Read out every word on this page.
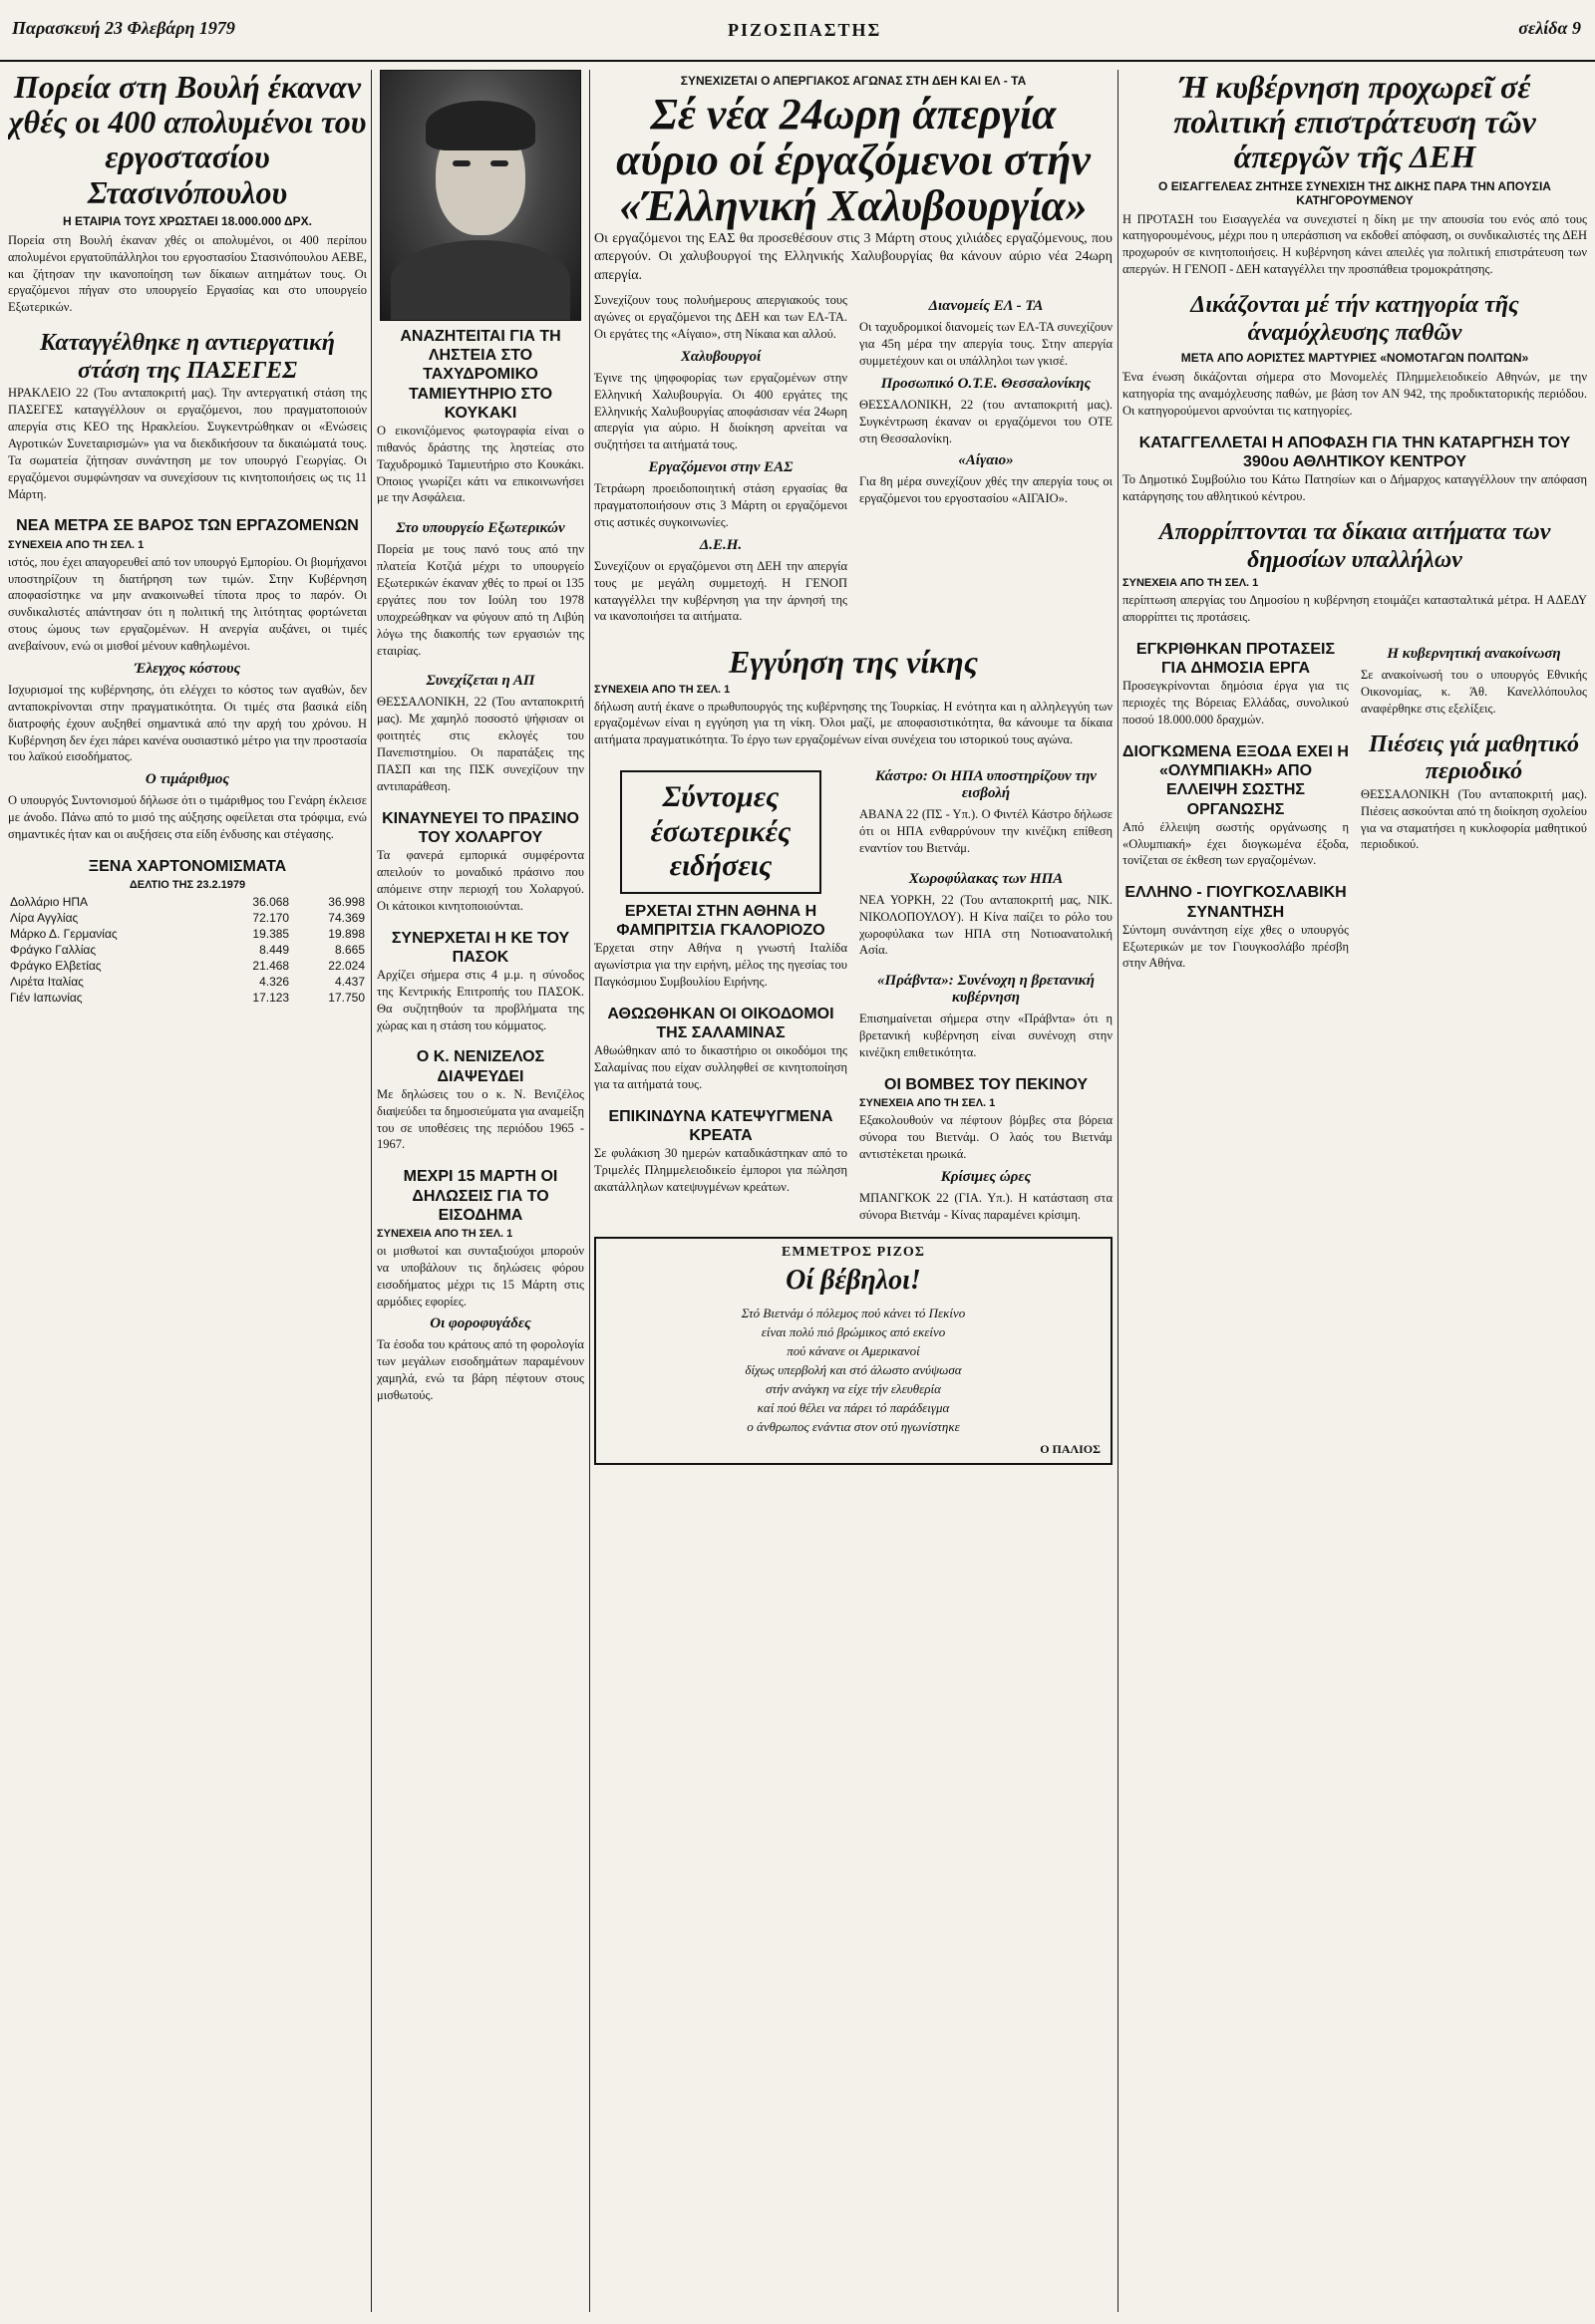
Παρασκευή 23 Φλεβάρη 1979	ΡΙΖΟΣΠΑΣΤΗΣ	σελίδα 9
Πορεία στη Βουλή έκαναν χθές οι 400 απολυμένοι του εργοστασίου Στασινόπουλου
Η ΕΤΑΙΡΙΑ ΤΟΥΣ ΧΡΩΣΤΑΕΙ 18.000.000 ΔΡΧ.

Πορεία στη Βουλή έκαναν χθές οι απολυμένοι, οι 400 περίπου απολυμένοι εργατοϋπάλληλοι του εργοστασίου Στασινόπουλου ΑΕΒΕ, και ζήτησαν την ικανοποίηση των δίκαιων αιτημάτων τους. Οι εργαζόμενοι πήγαν στο υπουργείο Εργασίας και στο υπουργείο Εξωτερικών.

Καταγγέλθηκε η αντιεργατική στάση της ΠΑΣΕΓΕΣ

ΗΡΑΚΛΕΙΟ 22 (Του ανταποκριτή μας). Την αντεργατική στάση της ΠΑΣΕΓΕΣ καταγγέλλουν οι εργαζόμενοι, που πραγματοποιούν απεργία στις ΚΕΟ της Ηρακλείου. Συγκεντρώθηκαν οι «Ενώσεις Αγροτικών Συνεταιρισμών» για να διεκδικήσουν τα δικαιώματά τους. Τα σωματεία ζήτησαν συνάντηση με τον υπουργό Γεωργίας. Οι εργαζόμενοι συμφώνησαν να συνεχίσουν τις κινητοποιήσεις ως τις 11 Μάρτη.

ΝΕΑ ΜΕΤΡΑ ΣΕ ΒΑΡΟΣ ΤΩΝ ΕΡΓΑΖΟΜΕΝΩΝ
ΣΥΝΕΧΕΙΑ ΑΠΟ ΤΗ ΣΕΛ. 1

ιστός, που έχει απαγορευθεί από τον υπουργό Εμπορίου. Οι βιομήχανοι υποστηρίζουν τη διατήρηση των τιμών. Στην Κυβέρνηση αποφασίστηκε να μην ανακοινωθεί τίποτα προς το παρόν. Οι συνδικαλιστές απάντησαν ότι η πολιτική της λιτότητας φορτώνεται στους ώμους των εργαζομένων. Η ανεργία αυξάνει, οι τιμές ανεβαίνουν, ενώ οι μισθοί μένουν καθηλωμένοι.

Έλεγχος κόστους

Ισχυρισμοί της κυβέρνησης, ότι ελέγχει το κόστος των αγαθών, δεν ανταποκρίνονται στην πραγματικότητα. Οι τιμές στα βασικά είδη διατροφής έχουν αυξηθεί σημαντικά από την αρχή του χρόνου. Η Κυβέρνηση δεν έχει πάρει κανένα ουσιαστικό μέτρο για την προστασία του λαϊκού εισοδήματος.

Ο τιμάριθμος

Ο υπουργός Συντονισμού δήλωσε ότι ο τιμάριθμος του Γενάρη έκλεισε με άνοδο. Πάνω από το μισό της αύξησης οφείλεται στα τρόφιμα, ενώ σημαντικές ήταν και οι αυξήσεις στα είδη ένδυσης και στέγασης.

ΞΕΝΑ ΧΑΡΤΟΝΟΜΙΣΜΑΤΑ
ΔΕΛΤΙΟ ΤΗΣ 23.2.1979
Δολλάριο ΗΠΑ	36.068	36.998
Λίρα Αγγλίας	72.170	74.369
Μάρκο Δ. Γερμανίας	19.385	19.898
Φράγκο Γαλλίας	8.449	8.665
Φράγκο Ελβετίας	21.468	22.024
Λιρέτα Ιταλίας	4.326	4.437
Γιέν Ιαπωνίας	17.123	17.750
ΑΝΑΖΗΤΕΙΤΑΙ ΓΙΑ ΤΗ ΛΗΣΤΕΙΑ ΣΤΟ ΤΑΧΥΔΡΟΜΙΚΟ ΤΑΜΙΕΥΤΗΡΙΟ ΣΤΟ ΚΟΥΚΑΚΙ

Ο εικονιζόμενος φωτογραφία είναι ο πιθανός δράστης της ληστείας στο Ταχυδρομικό Ταμιευτήριο στο Κουκάκι. Όποιος γνωρίζει κάτι να επικοινωνήσει με την Ασφάλεια.

Στο υπουργείο Εξωτερικών

Πορεία με τους πανό τους από την πλατεία Κοτζιά μέχρι το υπουργείο Εξωτερικών έκαναν χθές το πρωί οι 135 εργάτες που τον Ιούλη του 1978 υποχρεώθηκαν να φύγουν από τη Λιβύη λόγω της διακοπής των εργασιών της εταιρίας.

Συνεχίζεται η ΑΠ

ΘΕΣΣΑΛΟΝΙΚΗ, 22 (Του ανταποκριτή μας). Με χαμηλό ποσοστό ψήφισαν οι φοιτητές στις εκλογές του Πανεπιστημίου. Οι παρατάξεις της ΠΑΣΠ και της ΠΣΚ συνεχίζουν την αντιπαράθεση.

ΚΙΝΑΥΝΕΥΕΙ ΤΟ ΠΡΑΣΙΝΟ ΤΟΥ ΧΟΛΑΡΓΟΥ

Τα φανερά εμπορικά συμφέροντα απειλούν το μοναδικό πράσινο που απόμεινε στην περιοχή του Χολαργού. Οι κάτοικοι κινητοποιούνται.

ΣΥΝΕΡΧΕΤΑΙ Η ΚΕ ΤΟΥ ΠΑΣΟΚ

Αρχίζει σήμερα στις 4 μ.μ. η σύνοδος της Κεντρικής Επιτροπής του ΠΑΣΟΚ. Θα συζητηθούν τα προβλήματα της χώρας και η στάση του κόμματος.

Ο Κ. ΝΕΝΙΖΕΛΟΣ ΔΙΑΨΕΥΔΕΙ

Με δηλώσεις του ο κ. Ν. Βενιζέλος διαψεύδει τα δημοσιεύματα για αναμείξη του σε υποθέσεις της περιόδου 1965 - 1967.

ΜΕΧΡΙ 15 ΜΑΡΤΗ ΟΙ ΔΗΛΩΣΕΙΣ ΓΙΑ ΤΟ ΕΙΣΟΔΗΜΑ
ΣΥΝΕΧΕΙΑ ΑΠΟ ΤΗ ΣΕΛ. 1

οι μισθωτοί και συνταξιούχοι μπορούν να υποβάλουν τις δηλώσεις φόρου εισοδήματος μέχρι τις 15 Μάρτη στις αρμόδιες εφορίες.

Οι φοροφυγάδες

Τα έσοδα του κράτους από τη φορολογία των μεγάλων εισοδημάτων παραμένουν χαμηλά, ενώ τα βάρη πέφτουν στους μισθωτούς.

ΣΥΝΕΧΙΖΕΤΑΙ Ο ΑΠΕΡΓΙΑΚΟΣ ΑΓΩΝΑΣ ΣΤΗ ΔΕΗ ΚΑΙ ΕΛ - ΤΑ
Σέ νέα 24ωρη άπεργία αύριο οί έργαζόμενοι στήν «Έλληνική Χαλυβουργία»

Οι εργαζόμενοι της ΕΑΣ θα προσεθέσουν στις 3 Μάρτη στους χιλιάδες εργαζόμενους, που απεργούν. Οι χαλυβουργοί της Ελληνικής Χαλυβουργίας θα κάνουν αύριο νέα 24ωρη απεργία.

Συνεχίζουν τους πολυήμερους απεργιακούς τους αγώνες οι εργαζόμενοι της ΔΕΗ και των ΕΛ-ΤΑ. Οι εργάτες της «Αίγαιο», στη Νίκαια και αλλού.

Χαλυβουργοί

Έγινε της ψηφοφορίας των εργαζομένων στην Ελληνική Χαλυβουργία. Οι 400 εργάτες της Ελληνικής Χαλυβουργίας αποφάσισαν νέα 24ωρη απεργία για αύριο. Η διοίκηση αρνείται να συζητήσει τα αιτήματά τους.

Εργαζόμενοι στην ΕΑΣ

Τετράωρη προειδοποιητική στάση εργασίας θα πραγματοποιήσουν στις 3 Μάρτη οι εργαζόμενοι στις αστικές συγκοινωνίες.

Δ.Ε.Η.

Συνεχίζουν οι εργαζόμενοι στη ΔΕΗ την απεργία τους με μεγάλη συμμετοχή. Η ΓΕΝΟΠ καταγγέλλει την κυβέρνηση για την άρνησή της να ικανοποιήσει τα αιτήματα.

Διανομείς ΕΛ - ΤΑ

Οι ταχυδρομικοί διανομείς των ΕΛ-ΤΑ συνεχίζουν για 45η μέρα την απεργία τους. Στην απεργία συμμετέχουν και οι υπάλληλοι των γκισέ.

Προσωπικό Ο.Τ.Ε. Θεσσαλονίκης

ΘΕΣΣΑΛΟΝΙΚΗ, 22 (του ανταποκριτή μας). Συγκέντρωση έκαναν οι εργαζόμενοι του ΟΤΕ στη Θεσσαλονίκη.

«Αίγαιο»

Για 8η μέρα συνεχίζουν χθές την απεργία τους οι εργαζόμενοι του εργοστασίου «ΑΙΓΑΙΟ».

Εγγύηση της νίκης
ΣΥΝΕΧΕΙΑ ΑΠΟ ΤΗ ΣΕΛ. 1

δήλωση αυτή έκανε ο πρωθυπουργός της κυβέρνησης της Τουρκίας. Η ενότητα και η αλληλεγγύη των εργαζομένων είναι η εγγύηση για τη νίκη. Όλοι μαζί, με αποφασιστικότητα, θα κάνουμε τα δίκαια αιτήματα πραγματικότητα. Το έργο των εργαζομένων είναι συνέχεια του ιστορικού τους αγώνα.

Σύντομες έσωτερικές ειδήσεις
ΕΡΧΕΤΑΙ ΣΤΗΝ ΑΘΗΝΑ Η ΦΑΜΠΡΙΤΣΙΑ ΓΚΑΛΟΡΙΟΖΟ

Έρχεται στην Αθήνα η γνωστή Ιταλίδα αγωνίστρια για την ειρήνη, μέλος της ηγεσίας του Παγκόσμιου Συμβουλίου Ειρήνης.

ΑΘΩΩΘΗΚΑΝ ΟΙ ΟΙΚΟΔΟΜΟΙ ΤΗΣ ΣΑΛΑΜΙΝΑΣ

Αθωώθηκαν από το δικαστήριο οι οικοδόμοι της Σαλαμίνας που είχαν συλληφθεί σε κινητοποίηση για τα αιτήματά τους.

ΕΠΙΚΙΝΔΥΝΑ ΚΑΤΕΨΥΓΜΕΝΑ ΚΡΕΑΤΑ

Σε φυλάκιση 30 ημερών καταδικάστηκαν από το Τριμελές Πλημμελειοδικείο έμποροι για πώληση ακατάλληλων κατεψυγμένων κρεάτων.

Κάστρο: Οι ΗΠΑ υποστηρίζουν την εισβολή

ΑΒΑΝΑ 22 (ΠΣ - Υπ.). Ο Φιντέλ Κάστρο δήλωσε ότι οι ΗΠΑ ενθαρρύνουν την κινέζικη επίθεση εναντίον του Βιετνάμ.

Χωροφύλακας των ΗΠΑ

ΝΕΑ ΥΟΡΚΗ, 22 (Του ανταποκριτή μας, ΝΙΚ. ΝΙΚΟΛΟΠΟΥΛΟΥ). Η Κίνα παίζει το ρόλο του χωροφύλακα των ΗΠΑ στη Νοτιοανατολική Ασία.

«Πράβντα»: Συνένοχη η βρετανική κυβέρνηση

Επισημαίνεται σήμερα στην «Πράβντα» ότι η βρετανική κυβέρνηση είναι συνένοχη στην κινέζικη επιθετικότητα.

ΟΙ ΒΟΜΒΕΣ ΤΟΥ ΠΕΚΙΝΟΥ
ΣΥΝΕΧΕΙΑ ΑΠΟ ΤΗ ΣΕΛ. 1

Εξακολουθούν να πέφτουν βόμβες στα βόρεια σύνορα του Βιετνάμ. Ο λαός του Βιετνάμ αντιστέκεται ηρωικά.

Κρίσιμες ώρες

ΜΠΑΝΓΚΟΚ 22 (ΓΙΑ. Υπ.). Η κατάσταση στα σύνορα Βιετνάμ - Κίνας παραμένει κρίσιμη.

ΕΜΜΕΤΡΟΣ ΡΙΖΟΣ
Οί βέβηλοι!
Στό Βιετνάμ ό πόλεμος πού κάνει τό Πεκίνο
είναι πολύ πιό βρώμικος από εκείνο
πού κάνανε οι Αμερικανοί
δίχως υπερβολή και στό άλωστο ανύψωσα
στήν ανάγκη να είχε τήν ελευθερία
καί πού θέλει να πάρει τό παράδειγμα
ο άνθρωπος ενάντια στον οτύ ηγωνίστηκε
Ο ΠΑΛΙΟΣ
Ή κυβέρνηση προχωρεῖ σέ πολιτική επιστράτευση τῶν άπεργῶν τῆς ΔΕΗ
Ο ΕΙΣΑΓΓΕΛΕΑΣ ΖΗΤΗΣΕ ΣΥΝΕΧΙΣΗ ΤΗΣ ΔΙΚΗΣ ΠΑΡΑ ΤΗΝ ΑΠΟΥΣΙΑ ΚΑΤΗΓΟΡΟΥΜΕΝΟΥ

Η ΠΡΟΤΑΣΗ του Εισαγγελέα να συνεχιστεί η δίκη με την απουσία του ενός από τους κατηγορουμένους, μέχρι που η υπεράσπιση να εκδοθεί απόφαση, οι συνδικαλιστές της ΔΕΗ προχωρούν σε κινητοποιήσεις. Η κυβέρνηση κάνει απειλές για πολιτική επιστράτευση των απεργών. Η ΓΕΝΟΠ - ΔΕΗ καταγγέλλει την προσπάθεια τρομοκράτησης.

Δικάζονται μέ τήν κατηγορία τῆς άναμόχλευσης παθῶν
ΜΕΤΑ ΑΠΟ ΑΟΡΙΣΤΕΣ ΜΑΡΤΥΡΙΕΣ «ΝΟΜΟΤΑΓΩΝ ΠΟΛΙΤΩΝ»

Ένα ένωση δικάζονται σήμερα στο Μονομελές Πλημμελειοδικείο Αθηνών, με την κατηγορία της αναμόχλευσης παθών, με βάση τον ΑΝ 942, της προδικτατορικής περιόδου. Οι κατηγορούμενοι αρνούνται τις κατηγορίες.

ΚΑΤΑΓΓΕΛΛΕΤΑΙ Η ΑΠΟΦΑΣΗ ΓΙΑ ΤΗΝ ΚΑΤΑΡΓΗΣΗ ΤΟΥ 390ου ΑΘΛΗΤΙΚΟΥ ΚΕΝΤΡΟΥ

Το Δημοτικό Συμβούλιο του Κάτω Πατησίων και ο Δήμαρχος καταγγέλλουν την απόφαση κατάργησης του αθλητικού κέντρου.

Απορρίπτονται τα δίκαια αιτήματα των δημοσίων υπαλλήλων
ΣΥΝΕΧΕΙΑ ΑΠΟ ΤΗ ΣΕΛ. 1

περίπτωση απεργίας του Δημοσίου η κυβέρνηση ετοιμάζει κατασταλτικά μέτρα. Η ΑΔΕΔΥ απορρίπτει τις προτάσεις.

ΕΓΚΡΙΘΗΚΑΝ ΠΡΟΤΑΣΕΙΣ ΓΙΑ ΔΗΜΟΣΙΑ ΕΡΓΑ

Προσεγκρίνονται δημόσια έργα για τις περιοχές της Βόρειας Ελλάδας, συνολικού ποσού 18.000.000 δραχμών.

ΔΙΟΓΚΩΜΕΝΑ ΕΞΟΔΑ ΕΧΕΙ Η «ΟΛΥΜΠΙΑΚΗ» ΑΠΟ ΕΛΛΕΙΨΗ ΣΩΣΤΗΣ ΟΡΓΑΝΩΣΗΣ

Από έλλειψη σωστής οργάνωσης η «Ολυμπιακή» έχει διογκωμένα έξοδα, τονίζεται σε έκθεση των εργαζομένων.

ΕΛΛΗΝΟ - ΓΙΟΥΓΚΟΣΛΑΒΙΚΗ ΣΥΝΑΝΤΗΣΗ

Σύντομη συνάντηση είχε χθες ο υπουργός Εξωτερικών με τον Γιουγκοσλάβο πρέσβη στην Αθήνα.

Η κυβερνητική ανακοίνωση

Σε ανακοίνωσή του ο υπουργός Εθνικής Οικονομίας, κ. Άθ. Κανελλόπουλος αναφέρθηκε στις εξελίξεις.

Πιέσεις γιά μαθητικό περιοδικό

ΘΕΣΣΑΛΟΝΙΚΗ (Του ανταποκριτή μας). Πιέσεις ασκούνται από τη διοίκηση σχολείου για να σταματήσει η κυκλοφορία μαθητικού περιοδικού.
